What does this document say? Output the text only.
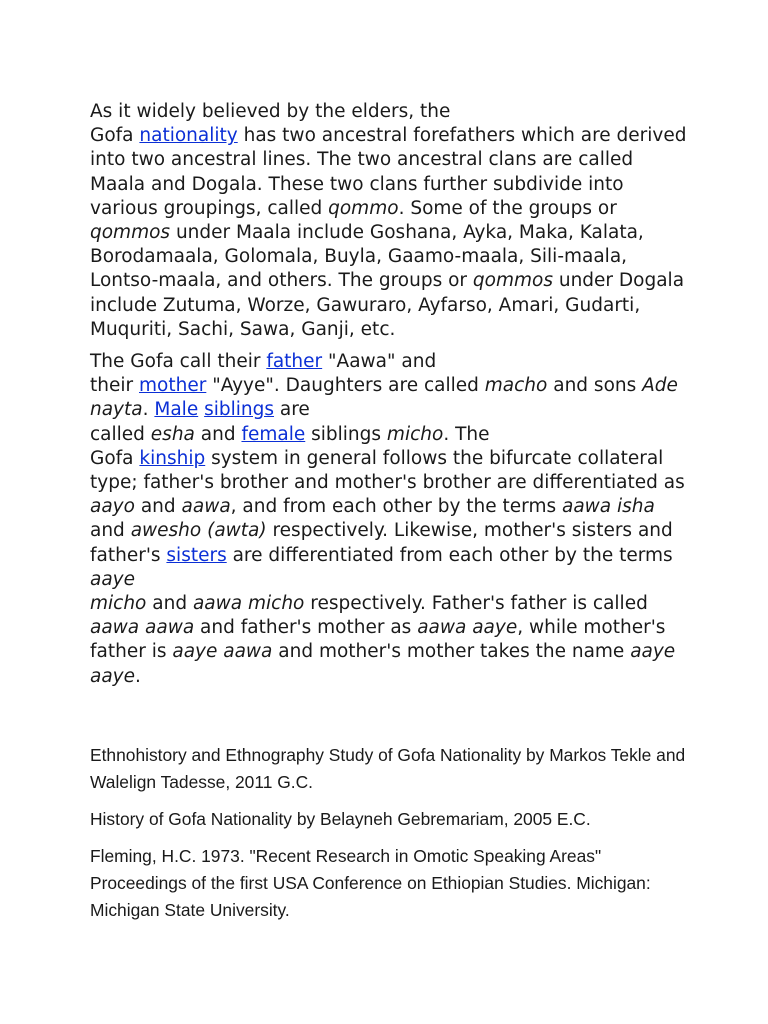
As it widely believed by the elders, the
Gofa nationality has two ancestral forefathers which are derived into two ancestral lines. The two ancestral clans are called Maala and Dogala. These two clans further subdivide into various groupings, called qommo. Some of the groups or qommos under Maala include Goshana, Ayka, Maka, Kalata, Borodamaala, Golomala, Buyla, Gaamo-maala, Sili-maala, Lontso-maala, and others. The groups or qommos under Dogala include Zutuma, Worze, Gawuraro, Ayfarso, Amari, Gudarti, Muquriti, Sachi, Sawa, Ganji, etc.

The Gofa call their father "Aawa" and
their mother "Ayye". Daughters are called macho and sons Ade nayta. Male siblings are
called esha and female siblings micho. The
Gofa kinship system in general follows the bifurcate collateral type; father's brother and mother's brother are differentiated as aayo and aawa, and from each other by the terms aawa isha and awesho (awta) respectively. Likewise, mother's sisters and father's sisters are differentiated from each other by the terms aaye
micho and aawa micho respectively. Father's father is called aawa aawa and father's mother as aawa aaye, while mother's father is aaye aawa and mother's mother takes the name aaye aaye.

Ethnohistory and Ethnography Study of Gofa Nationality by Markos Tekle and Walelign Tadesse, 2011 G.C.

History of Gofa Nationality by Belayneh Gebremariam, 2005 E.C.

Fleming, H.C. 1973. "Recent Research in Omotic Speaking Areas" Proceedings of the first USA Conference on Ethiopian Studies. Michigan: Michigan State University.
